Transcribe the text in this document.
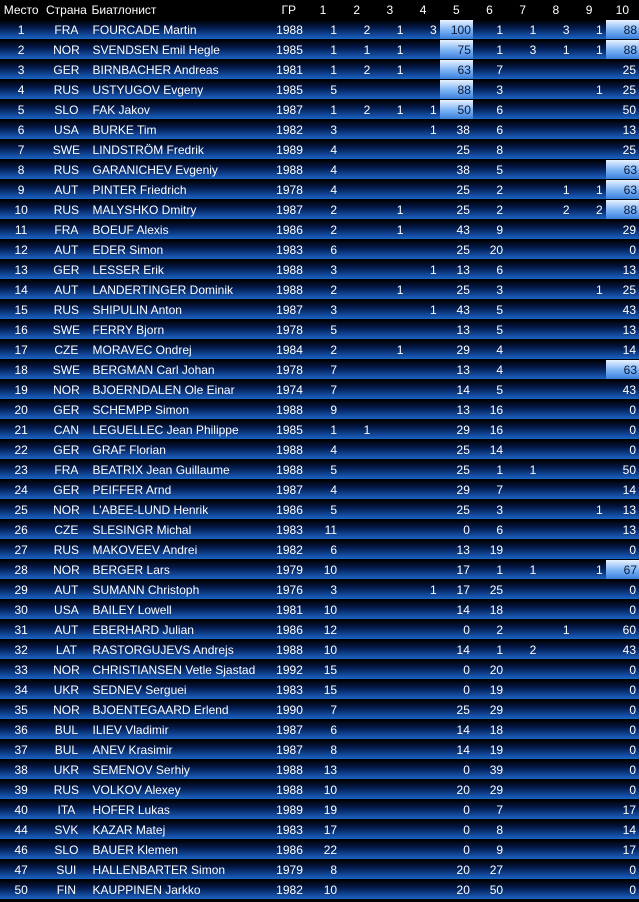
Место	Страна	Биатлонист	ГР	1	2	3	4	5	6	7	8	9	10
1	FRA	FOURCADE Martin	1988	1	2	1	3	100	1	1	3	1	88
2	NOR	SVENDSEN Emil Hegle	1985	1	1	1		75	1	3	1	1	88
3	GER	BIRNBACHER Andreas	1981	1	2	1		63	7				25
4	RUS	USTYUGOV Evgeny	1985	5				88	3			1	25
5	SLO	FAK Jakov	1987	1	2	1	1	50	6				50
6	USA	BURKE Tim	1982	3			1	38	6				13
7	SWE	LINDSTRÖM Fredrik	1989	4				25	8				25
8	RUS	GARANICHEV Evgeniy	1988	4				38	5				63
9	AUT	PINTER Friedrich	1978	4				25	2		1	1	63
10	RUS	MALYSHKO Dmitry	1987	2		1		25	2		2	2	88
11	FRA	BOEUF Alexis	1986	2		1		43	9				29
12	AUT	EDER Simon	1983	6				25	20				0
13	GER	LESSER Erik	1988	3			1	13	6				13
14	AUT	LANDERTINGER Dominik	1988	2		1		25	3			1	25
15	RUS	SHIPULIN Anton	1987	3			1	43	5				43
16	SWE	FERRY Bjorn	1978	5				13	5				13
17	CZE	MORAVEC Ondrej	1984	2		1		29	4				14
18	SWE	BERGMAN Carl Johan	1978	7				13	4				63
19	NOR	BJOERNDALEN Ole Einar	1974	7				14	5				43
20	GER	SCHEMPP Simon	1988	9				13	16				0
21	CAN	LEGUELLEC Jean Philippe	1985	1	1			29	16				0
22	GER	GRAF Florian	1988	4				25	14				0
23	FRA	BEATRIX Jean Guillaume	1988	5				25	1	1			50
24	GER	PEIFFER Arnd	1987	4				29	7				14
25	NOR	L'ABEE-LUND Henrik	1986	5				25	3			1	13
26	CZE	SLESINGR Michal	1983	11				0	6				13
27	RUS	MAKOVEEV Andrei	1982	6				13	19				0
28	NOR	BERGER Lars	1979	10				17	1	1		1	67
29	AUT	SUMANN Christoph	1976	3			1	17	25				0
30	USA	BAILEY Lowell	1981	10				14	18				0
31	AUT	EBERHARD Julian	1986	12				0	2		1		60
32	LAT	RASTORGUJEVS Andrejs	1988	10				14	1	2			43
33	NOR	CHRISTIANSEN Vetle Sjastad	1992	15				0	20				0
34	UKR	SEDNEV Serguei	1983	15				0	19				0
35	NOR	BJOENTEGAARD Erlend	1990	7				25	29				0
36	BUL	ILIEV Vladimir	1987	6				14	18				0
37	BUL	ANEV Krasimir	1987	8				14	19				0
38	UKR	SEMENOV Serhiy	1988	13				0	39				0
39	RUS	VOLKOV Alexey	1988	10				20	29				0
40	ITA	HOFER Lukas	1989	19				0	7				17
44	SVK	KAZAR Matej	1983	17				0	8				14
46	SLO	BAUER Klemen	1986	22				0	9				17
47	SUI	HALLENBARTER Simon	1979	8				20	27				0
50	FIN	KAUPPINEN Jarkko	1982	10				20	50				0
